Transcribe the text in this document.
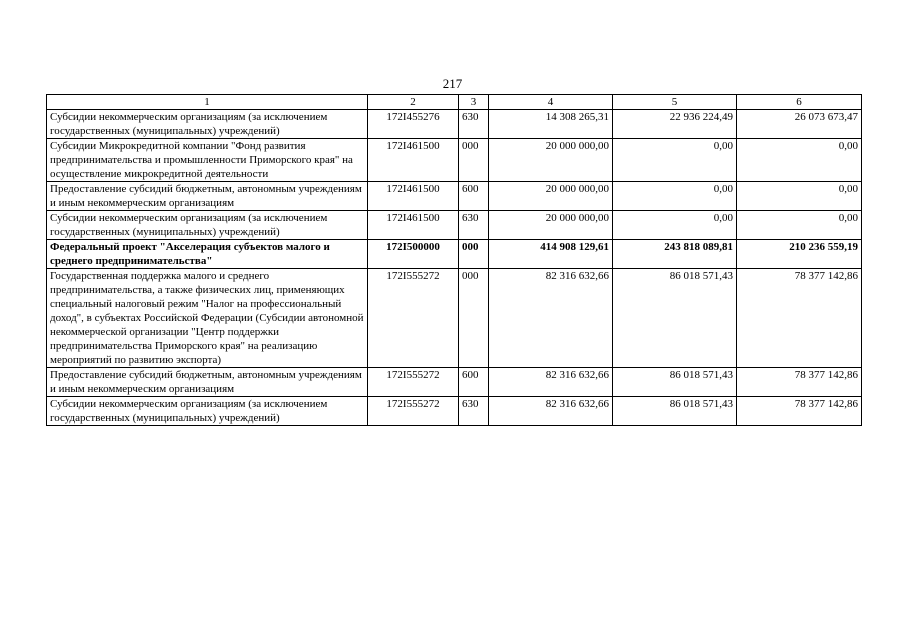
217
1	2	3	4	5	6
Субсидии некоммерческим организациям (за исключением государственных (муниципальных) учреждений)	172I455276	630	14 308 265,31	22 936 224,49	26 073 673,47
Субсидии Микрокредитной компании "Фонд развития предпринимательства и промышленности Приморского края" на осуществление микрокредитной деятельности	172I461500	000	20 000 000,00	0,00	0,00
Предоставление субсидий бюджетным, автономным учреждениям и иным некоммерческим организациям	172I461500	600	20 000 000,00	0,00	0,00
Субсидии некоммерческим организациям (за исключением государственных (муниципальных) учреждений)	172I461500	630	20 000 000,00	0,00	0,00
Федеральный проект "Акселерация субъектов малого и среднего предпринимательства"	172I500000	000	414 908 129,61	243 818 089,81	210 236 559,19
Государственная поддержка малого и среднего предпринимательства, а также физических лиц, применяющих специальный налоговый режим "Налог на профессиональный доход", в субъектах Российской Федерации (Субсидии автономной некоммерческой организации "Центр поддержки предпринимательства Приморского края" на реализацию мероприятий по развитию экспорта)	172I555272	000	82 316 632,66	86 018 571,43	78 377 142,86
Предоставление субсидий бюджетным, автономным учреждениям и иным некоммерческим организациям	172I555272	600	82 316 632,66	86 018 571,43	78 377 142,86
Субсидии некоммерческим организациям (за исключением государственных (муниципальных) учреждений)	172I555272	630	82 316 632,66	86 018 571,43	78 377 142,86
